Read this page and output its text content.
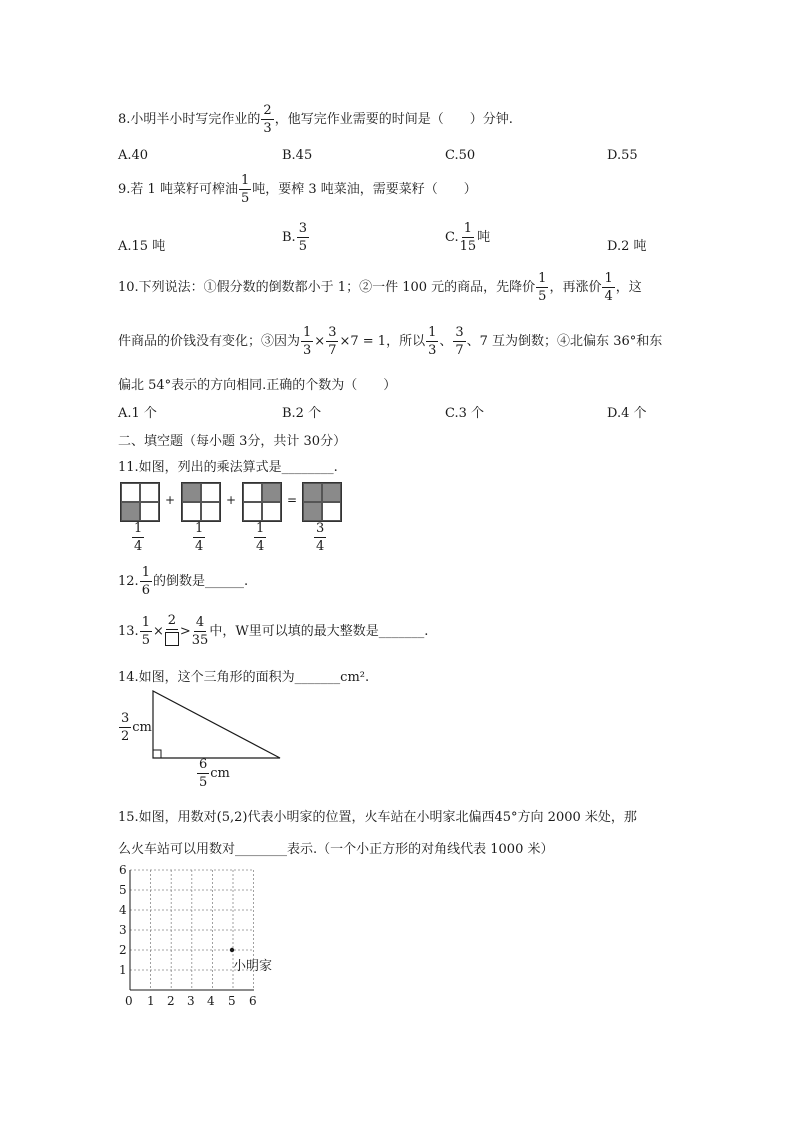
8.小明半小时写完作业的 $\frac{2}{3}$ ，他写完作业需要的时间是（　　）分钟.
A.40	B.45	C.50	D.55
9.若 1 吨菜籽可榨油 $\frac{1}{5}$ 吨，要榨 3 吨菜油，需要菜籽（　　）
A.15 吨
B. $\frac{3}{5}$	C. $\frac{1}{15}$ 吨
D.2 吨
10.下列说法：①假分数的倒数都小于 1；②一件 100 元的商品，先降价 $\frac{1}{5}$ ，再涨价 $\frac{1}{4}$ ，这
件商品的价钱没有变化；③因为 $\frac{1}{3} \times \frac{3}{7} \times 7 = 1$，所以 $\frac{1}{3}$ 、 $\frac{3}{7}$ 、7 互为倒数；④北偏东 36°和东
偏北 54°表示的方向相同.正确的个数为（　　）
A.1 个	B.2 个	C.3 个	D.4 个
二、填空题（每小题 3分，共计 30分）
11.如图，列出的乘法算式是________.
+	+	=
$\frac{1}{4}$	$\frac{1}{4}$	$\frac{1}{4}$	$\frac{3}{4}$
12. $\frac{1}{6}$ 的倒数是______.
13. $\frac{1}{5}$ ×
2
> $\frac{4}{35}$ 中，W里可以填的最大整数是_______.
14.如图，这个三角形的面积为_______cm².
$\frac{3}{2}$ cm
$\frac{6}{5}$ cm
15.如图，用数对(5,2)代表小明家的位置，火车站在小明家北偏西45°方向 2000 米处，那
么火车站可以用数对________表示.（一个小正方形的对角线代表 1000 米）
6
5
4
3
2
1
0 1 2 3 4 5 6
小明家
